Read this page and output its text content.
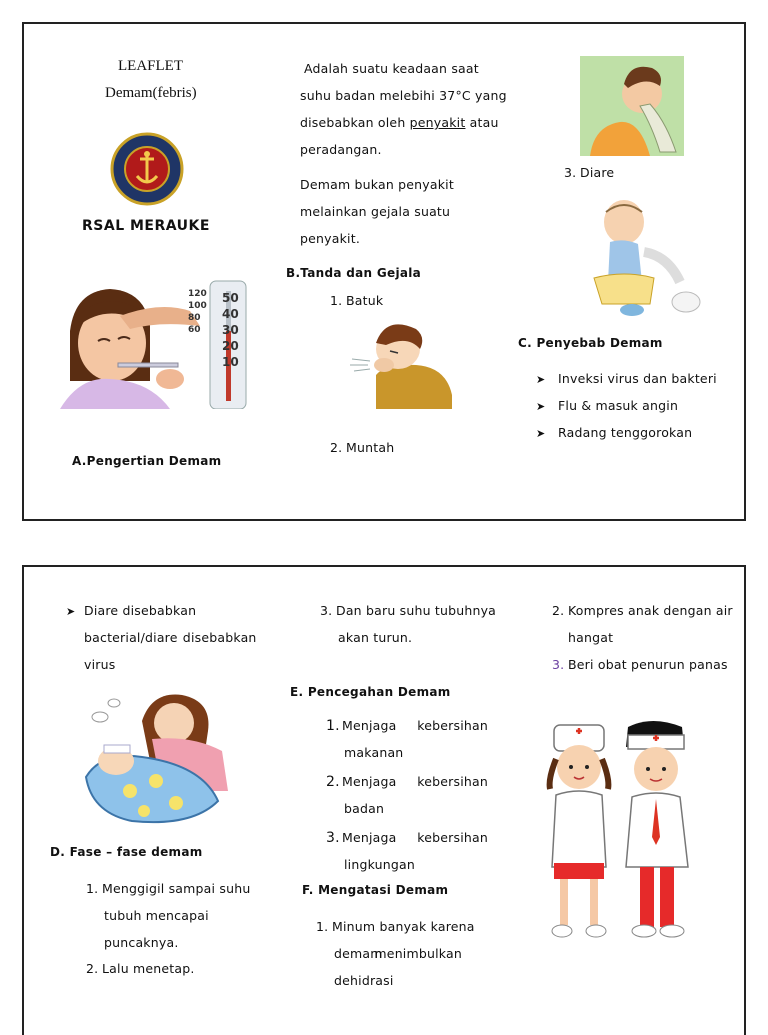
LEAFLET
Demam(febris)
RSAL MERAUKE
120
100
80
60
50
40
30
20
10
A.Pengertian Demam
Adalah suatu keadaan saat
suhu badan melebihi 37°C yang
disebabkan oleh penyakit atau
peradangan.
Demam bukan penyakit
melainkan gejala suatu
penyakit.
B.Tanda dan Gejala
1. Batuk
2. Muntah
3. Diare
C. Penyebab Demam
➤ Inveksi virus dan bakteri
➤ Flu & masuk angin
➤ Radang tenggorokan
➤ Diare disebabkan
bacterial/diare disebabkan
virus
D. Fase – fase demam
1. Menggigil sampai suhu
tubuh mencapai
puncaknya.
2. Lalu menetap.
3. Dan baru suhu tubuhnya
akan turun.
E. Pencegahan Demam
1. Menjaga kebersihan
makanan
2. Menjaga kebersihan
badan
3. Menjaga kebersihan
lingkungan
F. Mengatasi Demam
1. Minum banyak karena
demam
menimbulkan
dehidrasi
2. Kompres anak dengan air
hangat
3. Beri obat penurun panas
